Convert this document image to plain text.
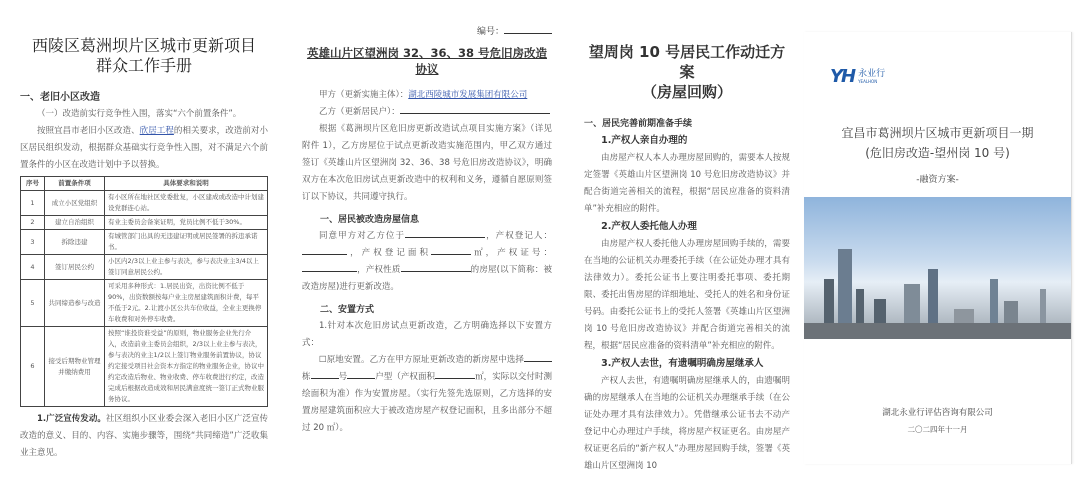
西陵区葛洲坝片区城市更新项目
群众工作手册
一、老旧小区改造
（一）改造前实行竞争性入围，落实“六个前置条件”。
按照宜昌市老旧小区改造、欣居工程的相关要求，改造前对小区居民组织发动，根据群众基础实行竞争性入围，对不满足六个前置条件的小区在改造计划中予以替换。
序号	前置条件项	具体要求和说明
1	成立小区党组织	有小区所在地社区党委批复，小区建成或改造中计划建设党群连心站。
2	建立自治组织	有业主委员会备案证明，党员比例不低于30%。
3	拆除违建	有城管部门出具的无违建证明或居民签署的拆违承诺书。
4	签订居民公约	小区内2/3以上业主参与表决，参与表决业主3/4以上签订同意居民公约。
5	共同缔造参与改造	可采用多种形式：1.居民出资，出资比例不低于90%，出资数额按每户业主房屋建筑面积计费，每平不低于2元。2.让渡小区公共车位收益，全业主更换停车收费和对外停车收费。
6	接受后期物业管理并缴纳费用	按照“谁投资谁受益”的原则，物业服务企业先行介入，改造前业主委员会组织，2/3以上业主参与表决，参与表决的业主1/2以上签订物业服务前置协议，协议约定接受项目社会资本方指定的物业服务企业，协议中约定改造后物业、物业收费、停车收费进行约定，改造完成后根据改造成效和居民满意度统一签订正式物业服务协议。
1.广泛宣传发动。社区组织小区业委会深入老旧小区广泛宣传改造的意义、目的、内容、实施步骤等，围绕“共同缔造”广泛收集业主意见。
编号：
英雄山片区望洲岗 32、36、38 号危旧房改造协议
甲方（更新实施主体）：湖北西陵城市发展集团有限公司
乙方（更新居民户）：
根据《葛洲坝片区危旧房更新改造试点项目实施方案》（详见附件 1），乙方房屋位于试点更新改造实施范围内，甲乙双方通过签订《英雄山片区望洲岗 32、36、38 号危旧房改造协议》，明确双方在本次危旧房试点更新改造中的权利和义务，遵循自愿原则签订以下协议，共同遵守执行。
一、居民被改造房屋信息
同意甲方对乙方位于	，产权登记人：，产权登记面积	㎡，产权证号：，产权性质	的房屋(以下简称：被改造房屋)进行更新改造。
二、安置方式
1.针对本次危旧房试点更新改造，乙方明确选择以下安置方式：
☐原地安置。乙方在甲方原址更新改造的新房屋中选择栋	号	户型（产权面积	㎡，实际以交付时测绘面积为准）作为安置房屋。（实行先签先选原则，乙方选择的安置房屋建筑面积应大于被改造房屋产权登记面积，且多出部分不超过 20 ㎡）。
望周岗 10 号居民工作动迁方案
（房屋回购）
一、居民完善前期准备手续
1.产权人亲自办理的
由房屋产权人本人办理房屋回购的，需要本人按规定签署《英雄山片区望洲岗 10 号危旧房改造协议》并配合街道完善相关的流程，根据“居民应准备的资料清单”补充相应的附件。
2.产权人委托他人办理
由房屋产权人委托他人办理房屋回购手续的，需要在当地的公证机关办理委托手续（在公证处办理才具有法律效力）。委托公证书上要注明委托事项、委托期限、委托出售房屋的详细地址、受托人的姓名和身份证号码。由委托公证书上的受托人签署《英雄山片区望洲岗 10 号危旧房改造协议》并配合街道完善相关的流程，根据“居民应准备的资料清单”补充相应的附件。
3.产权人去世，有遗嘱明确房屋继承人
产权人去世，有遗嘱明确房屋继承人的，由遗嘱明确的房屋继承人在当地的公证机关办理继承手续（在公证处办理才具有法律效力）。凭借继承公证书去不动产登记中心办理过户手续，将房屋产权证更名。由房屋产权证更名后的“新产权人”办理房屋回购手续，签署《英雄山片区望洲岗 10
YH 永业行
YEALHON
宜昌市葛洲坝片区城市更新项目一期
(危旧房改造-望州岗 10 号)
-融资方案-
湖北永业行评估咨询有限公司
二〇二四年十一月
